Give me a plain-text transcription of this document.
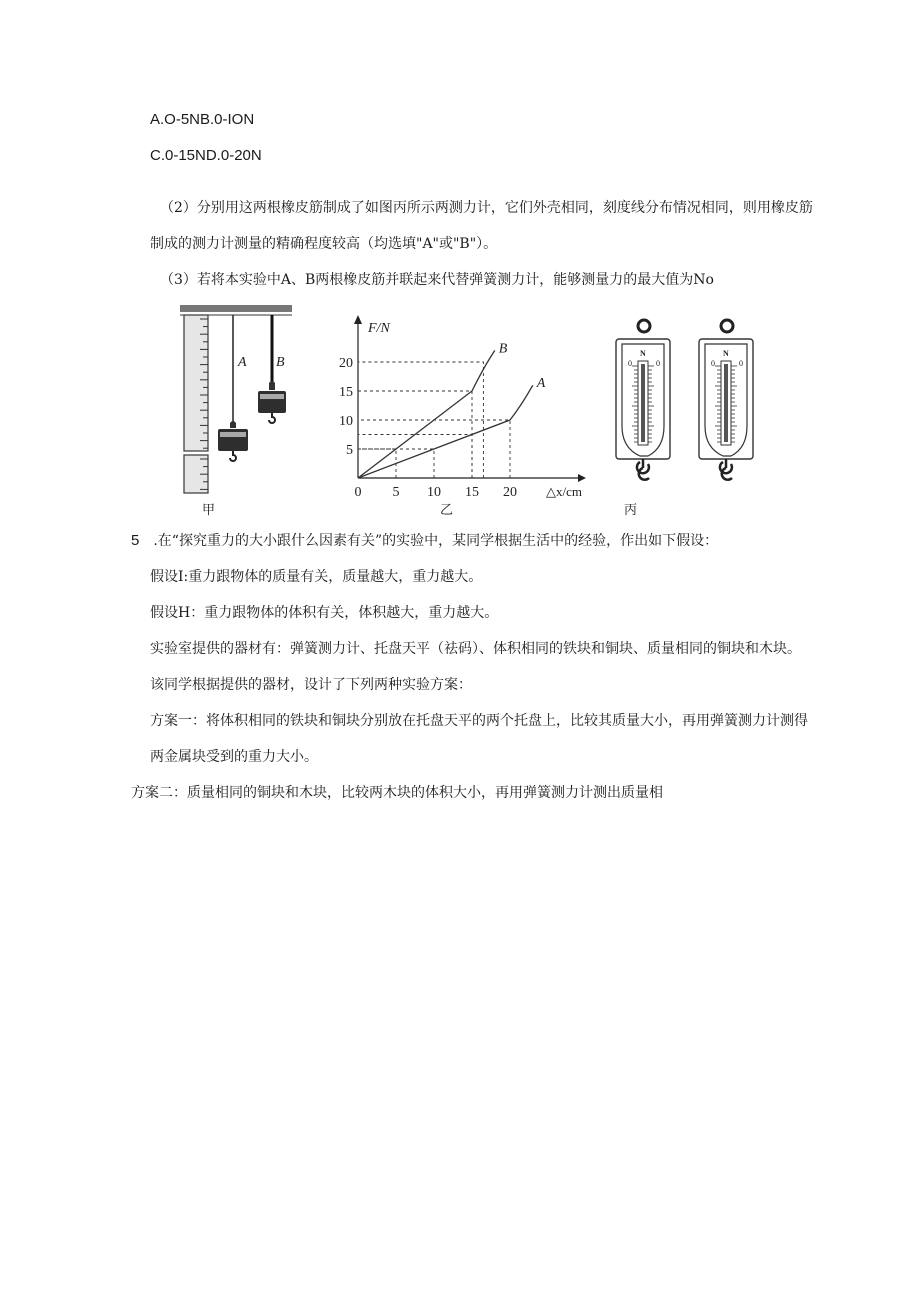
A.O-5NB.0-ION
C.0-15ND.0-20N
（2）分别用这两根橡皮筋制成了如图丙所示两测力计，它们外壳相同，刻度线分布情况相同，则用橡皮筋
制成的测力计测量的精确程度较高（均选填"A"或"B"）。
（3）若将本实验中A、B两根橡皮筋并联起来代替弹簧测力计，能够测量力的最大值为No
A B
甲
0 5 10 15 20
5
10
15
20
F/N
△x/cm
B
A
乙
N
0	0
N
0	0
丙
5 .在“探究重力的大小跟什么因素有关”的实验中，某同学根据生活中的经验，作出如下假设：
假设I:重力跟物体的质量有关，质量越大，重力越大。
假设H：重力跟物体的体积有关，体积越大，重力越大。
实验室提供的器材有：弹簧测力计、托盘天平（祛码）、体积相同的铁块和铜块、质量相同的铜块和木块。
该同学根据提供的器材，设计了下列两种实验方案：
方案一：将体积相同的铁块和铜块分别放在托盘天平的两个托盘上，比较其质量大小，再用弹簧测力计测得
两金属块受到的重力大小。
方案二：质量相同的铜块和木块，比较两木块的体积大小，再用弹簧测力计测出质量相
